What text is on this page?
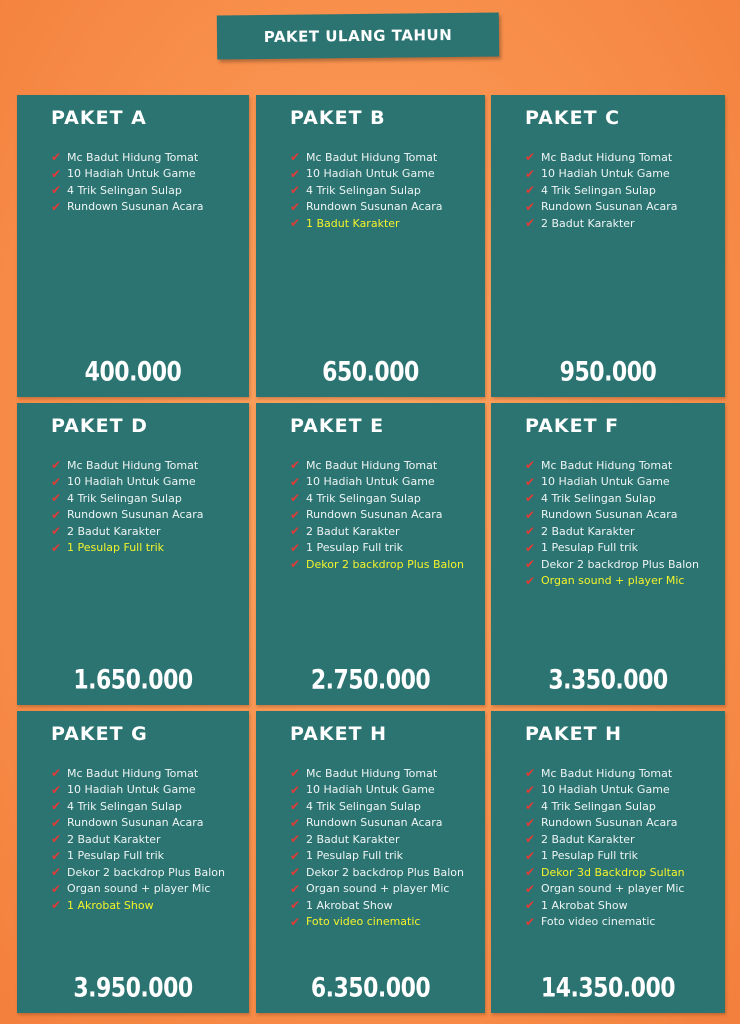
PAKET ULANG TAHUN
PAKET A
✔ Mc Badut Hidung Tomat
✔ 10 Hadiah Untuk Game
✔ 4 Trik Selingan Sulap
✔ Rundown Susunan Acara
400.000
PAKET B
✔ Mc Badut Hidung Tomat
✔ 10 Hadiah Untuk Game
✔ 4 Trik Selingan Sulap
✔ Rundown Susunan Acara
✔ 1 Badut Karakter
650.000
PAKET C
✔ Mc Badut Hidung Tomat
✔ 10 Hadiah Untuk Game
✔ 4 Trik Selingan Sulap
✔ Rundown Susunan Acara
✔ 2 Badut Karakter
950.000
PAKET D
✔ Mc Badut Hidung Tomat
✔ 10 Hadiah Untuk Game
✔ 4 Trik Selingan Sulap
✔ Rundown Susunan Acara
✔ 2 Badut Karakter
✔ 1 Pesulap Full trik
1.650.000
PAKET E
✔ Mc Badut Hidung Tomat
✔ 10 Hadiah Untuk Game
✔ 4 Trik Selingan Sulap
✔ Rundown Susunan Acara
✔ 2 Badut Karakter
✔ 1 Pesulap Full trik
✔ Dekor 2 backdrop Plus Balon
2.750.000
PAKET F
✔ Mc Badut Hidung Tomat
✔ 10 Hadiah Untuk Game
✔ 4 Trik Selingan Sulap
✔ Rundown Susunan Acara
✔ 2 Badut Karakter
✔ 1 Pesulap Full trik
✔ Dekor 2 backdrop Plus Balon
✔ Organ sound + player Mic
3.350.000
PAKET G
✔ Mc Badut Hidung Tomat
✔ 10 Hadiah Untuk Game
✔ 4 Trik Selingan Sulap
✔ Rundown Susunan Acara
✔ 2 Badut Karakter
✔ 1 Pesulap Full trik
✔ Dekor 2 backdrop Plus Balon
✔ Organ sound + player Mic
✔ 1 Akrobat Show
3.950.000
PAKET H
✔ Mc Badut Hidung Tomat
✔ 10 Hadiah Untuk Game
✔ 4 Trik Selingan Sulap
✔ Rundown Susunan Acara
✔ 2 Badut Karakter
✔ 1 Pesulap Full trik
✔ Dekor 2 backdrop Plus Balon
✔ Organ sound + player Mic
✔ 1 Akrobat Show
✔ Foto video cinematic
6.350.000
PAKET H
✔ Mc Badut Hidung Tomat
✔ 10 Hadiah Untuk Game
✔ 4 Trik Selingan Sulap
✔ Rundown Susunan Acara
✔ 2 Badut Karakter
✔ 1 Pesulap Full trik
✔ Dekor 3d Backdrop Sultan
✔ Organ sound + player Mic
✔ 1 Akrobat Show
✔ Foto video cinematic
14.350.000
